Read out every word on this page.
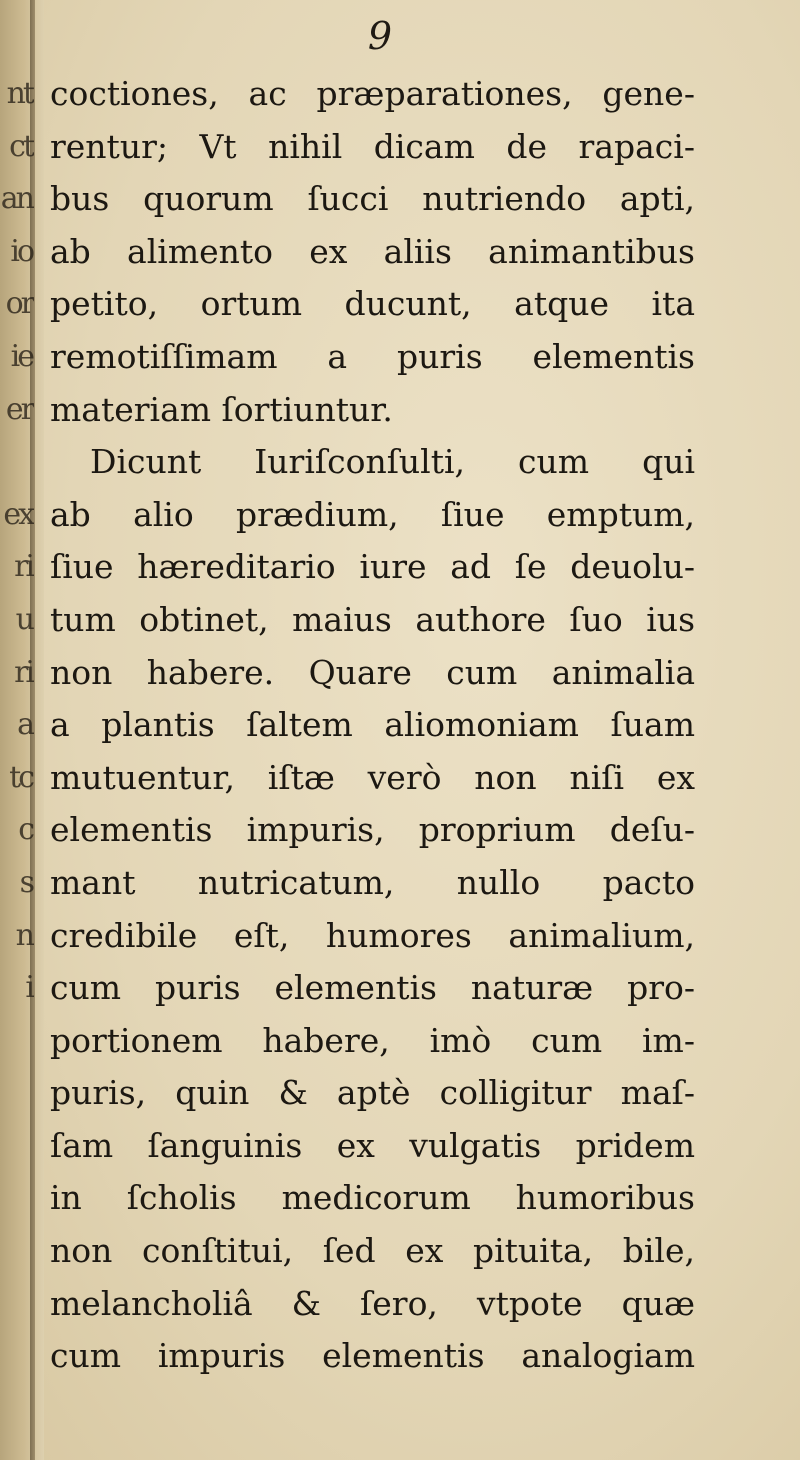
nt
ct
an
io
or
ie
er
ex
ri
u
ri
a
tc
c
s
n
i
9
coctiones, ac præparationes, gene-
rentur; Vt nihil dicam de rapaci-
bus quorum ſucci nutriendo apti,
ab alimento ex aliis animantibus
petito, ortum ducunt, atque ita
remotiſſimam a puris elementis
materiam ſortiuntur.
Dicunt Iuriſconſulti, cum qui
ab alio prædium, ſiue emptum,
ſiue hæreditario iure ad ſe deuolu-
tum obtinet, maius authore ſuo ius
non habere. Quare cum animalia
a plantis ſaltem aliomoniam ſuam
mutuentur, iſtæ verò non niſi ex
elementis impuris, proprium deſu-
mant nutricatum, nullo pacto
credibile eſt, humores animalium,
cum puris elementis naturæ pro-
portionem habere, imò cum im-
puris, quin & aptè colligitur maſ-
ſam ſanguinis ex vulgatis pridem
in ſcholis medicorum humoribus
non conſtitui, ſed ex pituita, bile,
melancholiâ & ſero, vtpote quæ
cum impuris elementis analogiam
